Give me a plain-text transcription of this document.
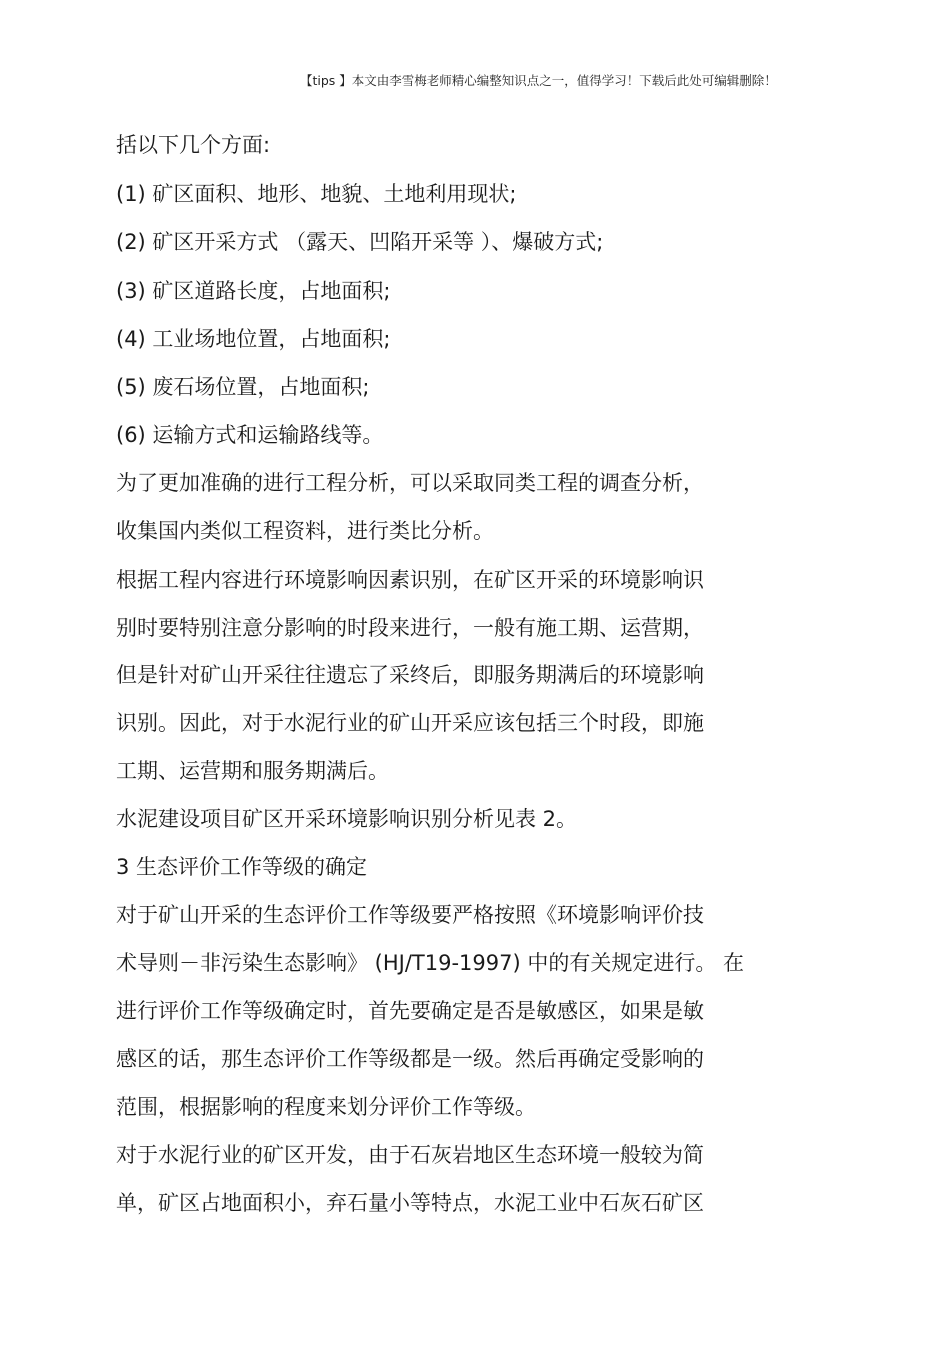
【tips 】本文由李雪梅老师精心编整知识点之一，值得学习！下载后此处可编辑删除！
括以下几个方面:
(1) 矿区面积、地形、地貌、土地利用现状;
(2) 矿区开采方式 （露天、凹陷开采等 ）、爆破方式;
(3) 矿区道路长度，占地面积;
(4) 工业场地位置，占地面积;
(5) 废石场位置，占地面积;
(6) 运输方式和运输路线等。
为了更加准确的进行工程分析，可以采取同类工程的调查分析，
收集国内类似工程资料，进行类比分析。
根据工程内容进行环境影响因素识别，在矿区开采的环境影响识
别时要特别注意分影响的时段来进行，一般有施工期、运营期，
但是针对矿山开采往往遗忘了采终后，即服务期满后的环境影响
识别。因此，对于水泥行业的矿山开采应该包括三个时段，即施
工期、运营期和服务期满后。
水泥建设项目矿区开采环境影响识别分析见表 2。
3 生态评价工作等级的确定
对于矿山开采的生态评价工作等级要严格按照《环境影响评价技
术导则－非污染生态影响》 (HJ/T19-1997) 中的有关规定进行。 在
进行评价工作等级确定时，首先要确定是否是敏感区，如果是敏
感区的话，那生态评价工作等级都是一级。然后再确定受影响的
范围，根据影响的程度来划分评价工作等级。
对于水泥行业的矿区开发，由于石灰岩地区生态环境一般较为简
单，矿区占地面积小，弃石量小等特点，水泥工业中石灰石矿区
